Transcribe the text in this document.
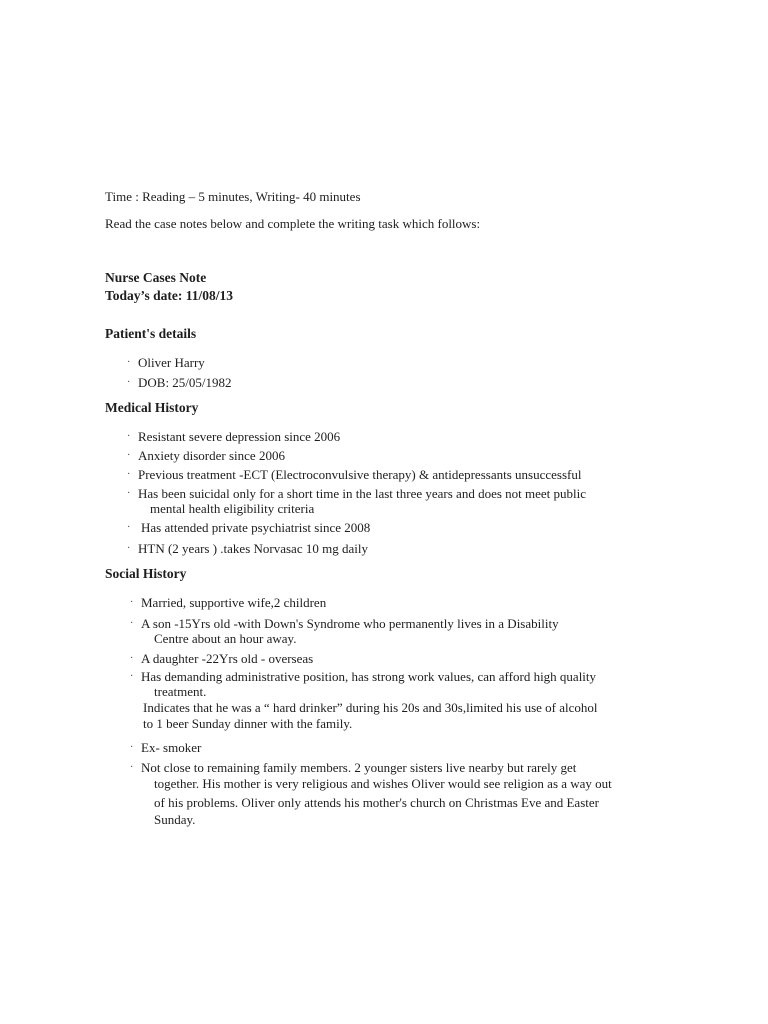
Time : Reading – 5 minutes, Writing- 40 minutes
Read the case notes below and complete the writing task which follows:
Nurse Cases Note
Today’s date: 11/08/13
Patient's details
· Oliver Harry
· DOB: 25/05/1982
Medical History
· Resistant severe depression since 2006
· Anxiety disorder since 2006
· Previous treatment -ECT (Electroconvulsive therapy) & antidepressants unsuccessful
· Has been suicidal only for a short time in the last three years and does not meet public
mental health eligibility criteria
· Has attended private psychiatrist since 2008
· HTN (2 years ) .takes Norvasac 10 mg daily
Social History
· Married, supportive wife,2 children
· A son -15Yrs old -with Down's Syndrome who permanently lives in a Disability
Centre about an hour away.
· A daughter -22Yrs old - overseas
· Has demanding administrative position, has strong work values, can afford high quality
treatment.
Indicates that he was a “ hard drinker” during his 20s and 30s,limited his use of alcohol
to 1 beer Sunday dinner with the family.
· Ex- smoker
· Not close to remaining family members. 2 younger sisters live nearby but rarely get
together. His mother is very religious and wishes Oliver would see religion as a way out
of his problems. Oliver only attends his mother's church on Christmas Eve and Easter
Sunday.
